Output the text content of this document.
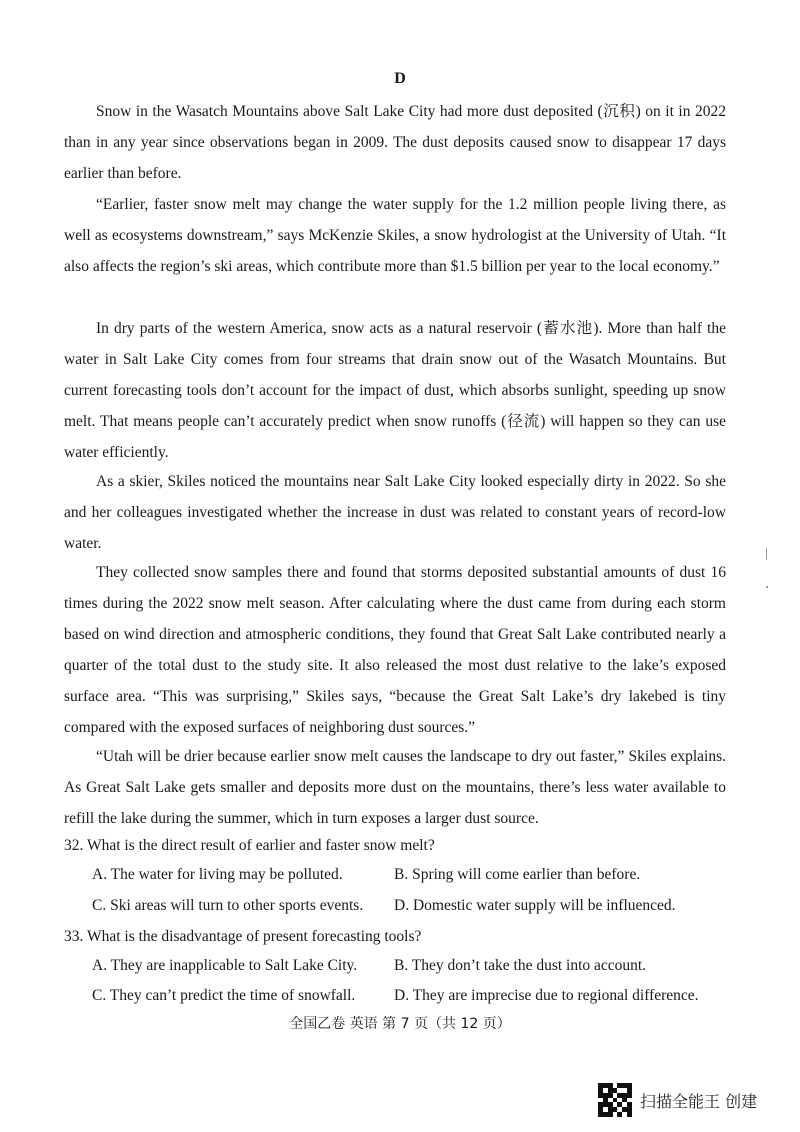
D

Snow in the Wasatch Mountains above Salt Lake City had more dust deposited (沉积) on it in 2022 than in any year since observations began in 2009. The dust deposits caused snow to disappear 17 days earlier than before.

“Earlier, faster snow melt may change the water supply for the 1.2 million people living there, as well as ecosystems downstream,” says McKenzie Skiles, a snow hydrologist at the University of Utah. “It also affects the region’s ski areas, which contribute more than $1.5 billion per year to the local economy.”

In dry parts of the western America, snow acts as a natural reservoir (蓄水池). More than half the water in Salt Lake City comes from four streams that drain snow out of the Wasatch Mountains. But current forecasting tools don’t account for the impact of dust, which absorbs sunlight, speeding up snow melt. That means people can’t accurately predict when snow runoffs (径流) will happen so they can use water efficiently.

As a skier, Skiles noticed the mountains near Salt Lake City looked especially dirty in 2022. So she and her colleagues investigated whether the increase in dust was related to constant years of record-low water.

They collected snow samples there and found that storms deposited substantial amounts of dust 16 times during the 2022 snow melt season. After calculating where the dust came from during each storm based on wind direction and atmospheric conditions, they found that Great Salt Lake contributed nearly a quarter of the total dust to the study site. It also released the most dust relative to the lake’s exposed surface area. “This was surprising,” Skiles says, “because the Great Salt Lake’s dry lakebed is tiny compared with the exposed surfaces of neighboring dust sources.”

“Utah will be drier because earlier snow melt causes the landscape to dry out faster,” Skiles explains. As Great Salt Lake gets smaller and deposits more dust on the mountains, there’s less water available to refill the lake during the summer, which in turn exposes a larger dust source.

32. What is the direct result of earlier and faster snow melt?
A. The water for living may be polluted.	B. Spring will come earlier than before.
C. Ski areas will turn to other sports events. D. Domestic water supply will be influenced.
33. What is the disadvantage of present forecasting tools?
A. They are inapplicable to Salt Lake City. B. They don’t take the dust into account.
C. They can’t predict the time of snowfall. D. They are imprecise due to regional difference.
全国乙卷 英语 第 7 页（共 12 页）
扫描全能王 创建
